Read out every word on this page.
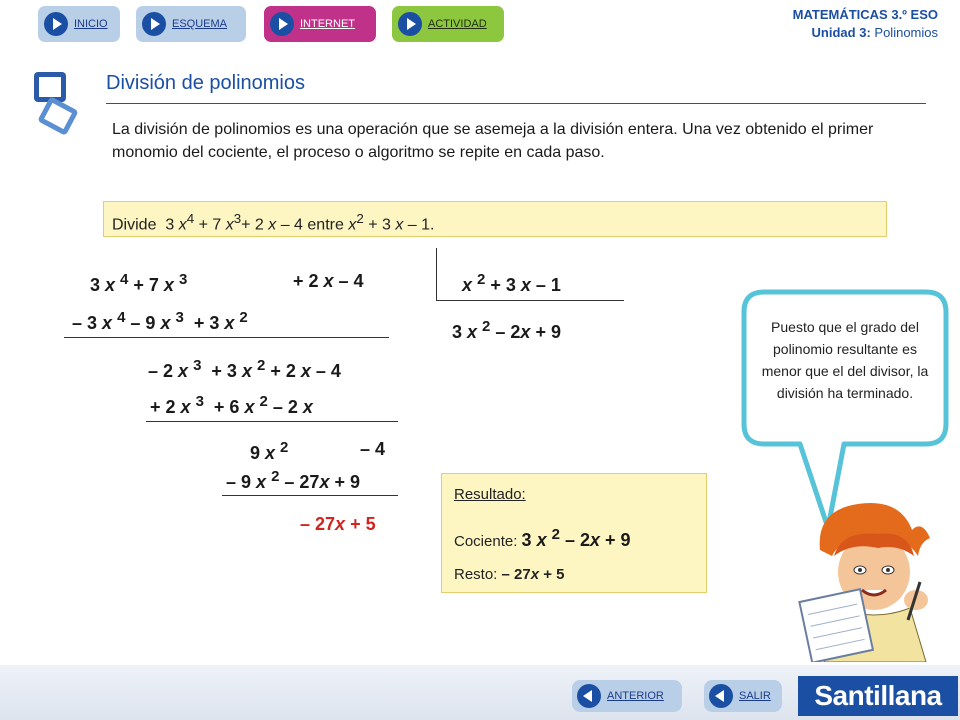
INICIO	ESQUEMA	INTERNET	ACTIVIDAD
MATEMÁTICAS 3.º ESO
Unidad 3: Polinomios
División de polinomios
La división de polinomios es una operación que se asemeja a la división entera. Una vez obtenido el primer monomio del cociente, el proceso o algoritmo se repite en cada paso.
Divide  3 $x^4 + 7$ $x^3+ 2$ x – 4 entre $x^2 + 3$ x – 1.
3 x $^4$ + 7 x $^3$	+ 2 x – 4	x $^2$ + 3 x – 1
3 x $^2$ – 2x + 9
– 3 x $^4$ – 9 x $^3$  + 3 x $^2$
– 2 x $^3$  + 3 x $^2$ + 2 x – 4
+ 2 x $^3$  + 6 x $^2$ – 2 x
9 x $^2$	– 4
– 9 x $^2$ – 27x + 9
– 27x + 5
Resultado:
Cociente: 3 x $^2$ – 2x + 9
Resto: – 27x + 5
Puesto que el grado del polinomio resultante es menor que el del divisor, la división ha terminado.
ANTERIOR	SALIR	Santillana
